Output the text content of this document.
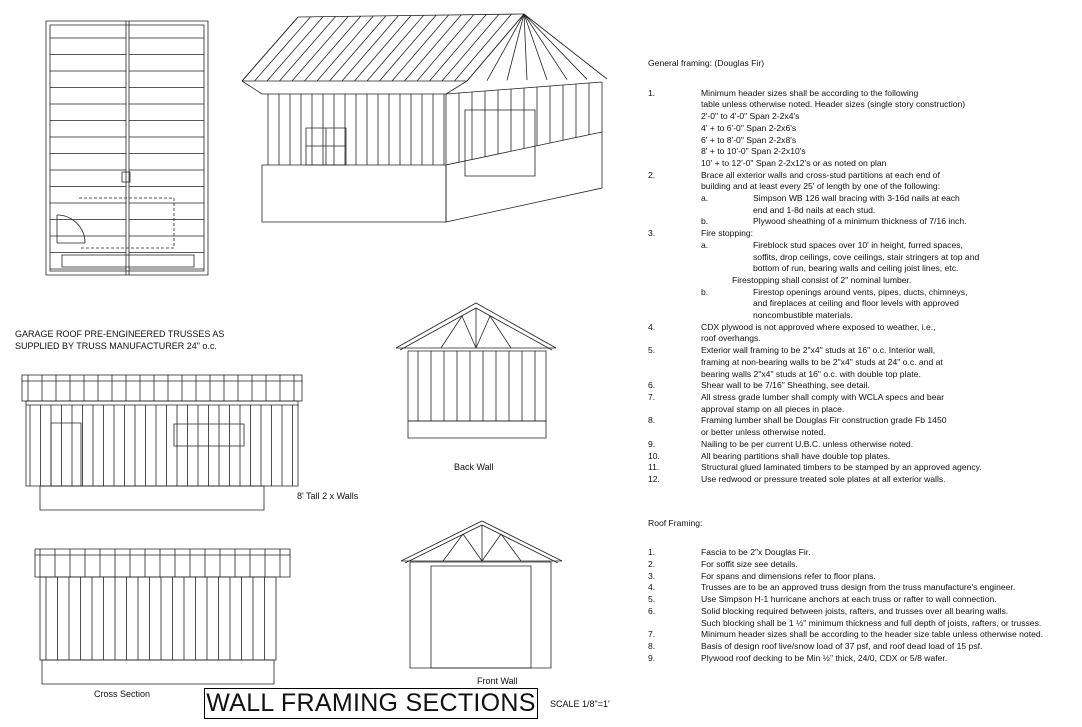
GARAGE ROOF PRE-ENGINEERED TRUSSES AS
SUPPLIED BY TRUSS MANUFACTURER 24" o.c.
8' Tall 2 x Walls
Back Wall
Front Wall
Cross Section WALL FRAMING SECTIONS SCALE 1/8"=1'
General framing: (Douglas Fir)
1.	Minimum header sizes shall be according to the following
table unless otherwise noted. Header sizes (single story construction)
2'-0" to 4'-0" Span 2-2x4's
4' + to 6'-0" Span 2-2x6's
6' + to 8'-0" Span 2-2x8's
8' + to 10'-0" Span 2-2x10's
10' + to 12'-0" Span 2-2x12's or as noted on plan
2.	Brace all exterior walls and cross-stud partitions at each end of
building and at least every 25' of length by one of the following:
a.	Simpson WB 126 wall bracing with 3-16d nails at each
end and 1-8d nails at each stud.
b.	Plywood sheathing of a minimum thickness of 7/16 inch.
3.	Fire stopping:
a.	Fireblock stud spaces over 10' in height, furred spaces,
soffits, drop ceilings, cove ceilings, stair stringers at top and
bottom of run, bearing walls and ceiling joist lines, etc.
Firestopping shall consist of 2" nominal lumber.
b.	Firestop openings around vents, pipes, ducts, chimneys,
and fireplaces at ceiling and floor levels with approved
noncombustible materials.
4.	CDX plywood is not approved where exposed to weather, i.e.,
roof overhangs.
5.	Exterior wall framing to be 2"x4" studs at 16" o.c. Interior wall,
framing at non-bearing walls to be 2"x4" studs at 24" o.c. and at
bearing walls 2"x4" studs at 16" o.c. with double top plate.
6.	Shear wall to be 7/16" Sheathing, see detail.
7.	All stress grade lumber shall comply with WCLA specs and bear
approval stamp on all pieces in place.
8.	Framing lumber shall be Douglas Fir construction grade Fb 1450
or better unless otherwise noted.
9.	Nailing to be per current U.B.C. unless otherwise noted.
10.	All bearing partitions shall have double top plates.
11.	Structural glued laminated timbers to be stamped by an approved agency.
12.	Use redwood or pressure treated sole plates at all exterior walls.
Roof Framing:
1.	Fascia to be 2"x Douglas Fir.
2.	For soffit size see details.
3.	For spans and dimensions refer to floor plans.
4.	Trusses are to be an approved truss design from the truss manufacture's engineer.
5.	Use Simpson H-1 hurricane anchors at each truss or rafter to wall connection.
6.	Solid blocking required between joists, rafters, and trusses over all bearing walls.
Such blocking shall be 1 ½" minimum thickness and full depth of joists, rafters, or trusses.
7.	Minimum header sizes shall be according to the header size table unless otherwise noted.
8.	Basis of design roof live/snow load of 37 psf, and roof dead load of 15 psf.
9.	Plywood roof decking to be Min ½" thick, 24/0, CDX or 5/8 wafer.
